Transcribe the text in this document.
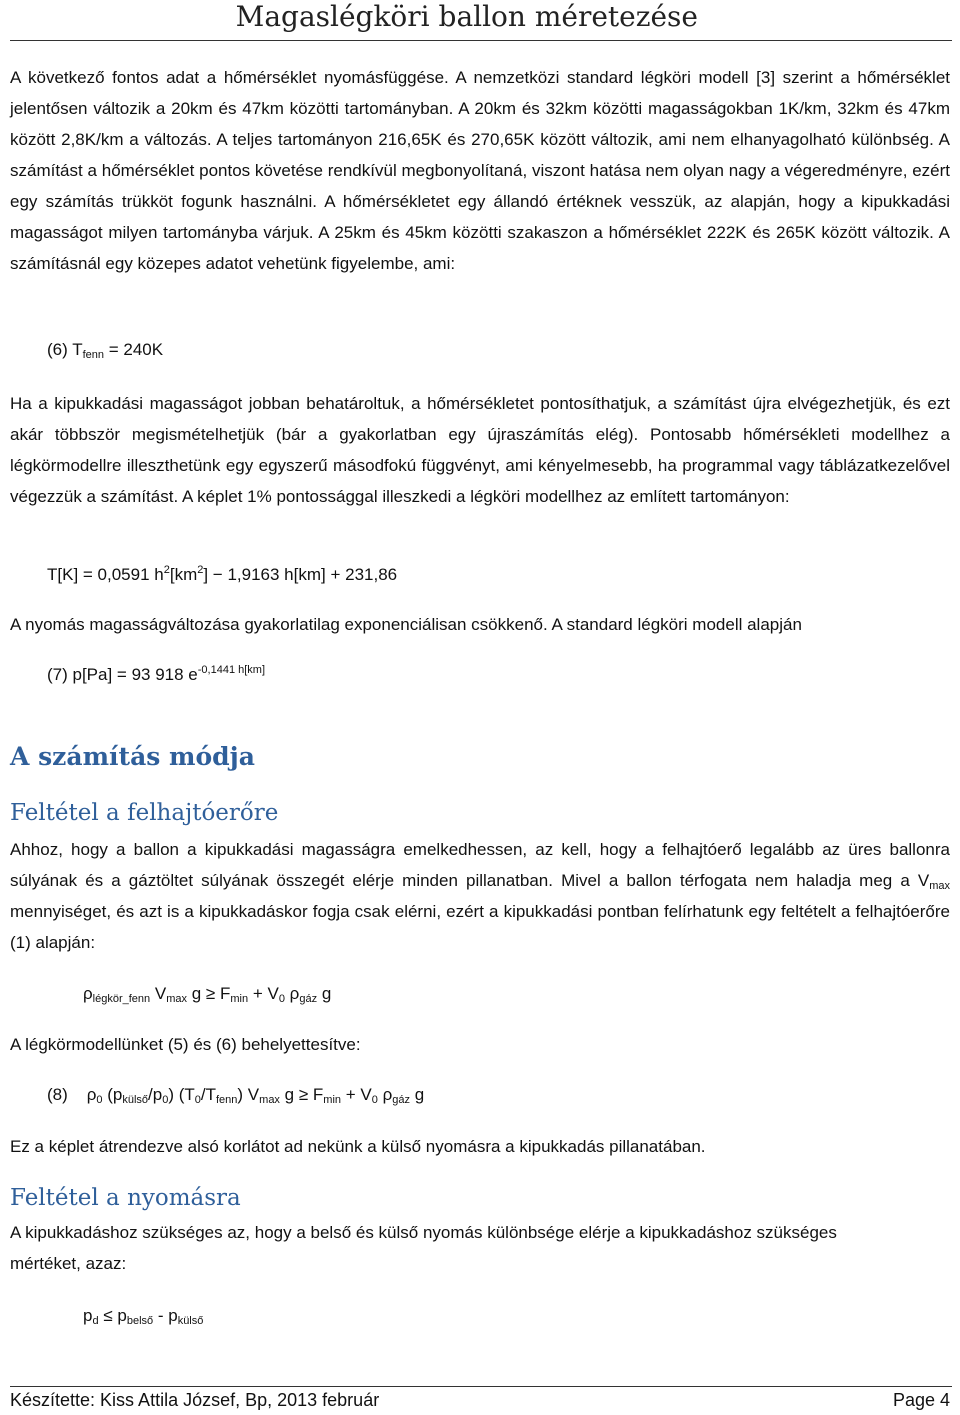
Magaslégköri ballon méretezése

A következő fontos adat a hőmérséklet nyomásfüggése. A nemzetközi standard légköri modell [3] szerint a hőmérséklet jelentősen változik a 20km és 47km közötti tartományban. A 20km és 32km közötti magasságokban 1K/km, 32km és 47km között 2,8K/km a változás. A teljes tartományon 216,65K és 270,65K között változik, ami nem elhanyagolható különbség. A számítást a hőmérséklet pontos követése rendkívül megbonyolítaná, viszont hatása nem olyan nagy a végeredményre, ezért egy számítás trükköt fogunk használni. A hőmérsékletet egy állandó értéknek vesszük, az alapján, hogy a kipukkadási magasságot milyen tartományba várjuk. A 25km és 45km közötti szakaszon a hőmérséklet 222K és 265K között változik. A számításnál egy közepes adatot vehetünk figyelembe, ami:

(6) $T_{fenn} = 240K$

Ha a kipukkadási magasságot jobban behatároltuk, a hőmérsékletet pontosíthatjuk, a számítást újra elvégezhetjük, és ezt akár többször megismételhetjük (bár a gyakorlatban egy újraszámítás elég). Pontosabb hőmérsékleti modellhez a légkörmodellre illeszthetünk egy egyszerű másodfokú függvényt, ami kényelmesebb, ha programmal vagy táblázatkezelővel végezzük a számítást. A képlet 1% pontossággal illeszkedi a légköri modellhez az említett tartományon:

T[K] = 0,0591 $h^2[km^2] - 1,9163$ h[km] + 231,86
A nyomás magasságváltozása gyakorlatilag exponenciálisan csökkenő. A standard légköri modell alapján
(7) p[Pa] = 93 918 $e^{-0,1441 h[km]}$
A számítás módja
Feltétel a felhajtóerőre

Ahhoz, hogy a ballon a kipukkadási magasságra emelkedhessen, az kell, hogy a felhajtóerő legalább az üres ballonra súlyának és a gáztöltet súlyának összegét elérje minden pillanatban. Mivel a ballon térfogata nem haladja meg a $V_{max}$ mennyiséget, és azt is a kipukkadáskor fogja csak elérni, ezért a kipukkadási pontban felírhatunk egy feltételt a felhajtóerőre (1) alapján:

$\rho_{légkör\_fenn}$ $V_{max}$ $g \ge F_{min} + V_0$ $\rho_{gáz}$ g
A légkörmodellünket (5) és (6) behelyettesítve:
(8) $\rho_0$ $(p_{külső}/p_0)$ $(T_0/T_{fenn})$ $V_{max}$ $g \ge F_{min} + V_0$ $\rho_{gáz}$ g
Ez a képlet átrendezve alsó korlátot ad nekünk a külső nyomásra a kipukkadás pillanatában.
Feltétel a nyomásra

A kipukkadáshoz szükséges az, hogy a belső és külső nyomás különbsége elérje a kipukkadáshoz szükséges mértéket, azaz:

$p_d \le p_{belső} - p_{külső}$
Készítette: Kiss Attila József, Bp, 2013 február	Page 4
